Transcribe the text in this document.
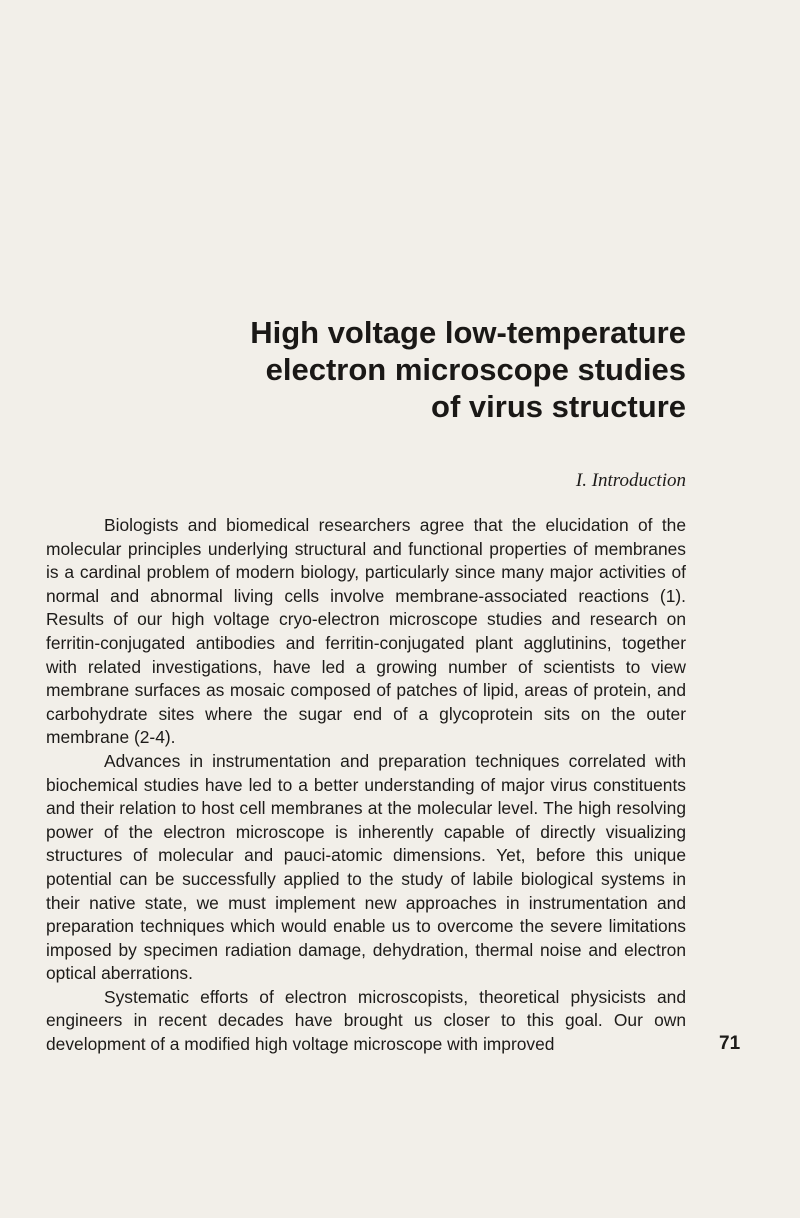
High voltage low-temperature
electron microscope studies
of virus structure
I. Introduction

Biologists and biomedical researchers agree that the elucidation of the molecular principles underlying structural and functional properties of membranes is a cardinal problem of modern biology, particularly since many major activities of normal and abnormal living cells involve membrane-associated reactions (1). Results of our high voltage cryo-electron microscope studies and research on ferritin-conjugated antibodies and ferritin-conjugated plant agglutinins, together with related investigations, have led a growing number of scientists to view membrane surfaces as mosaic composed of patches of lipid, areas of protein, and carbohydrate sites where the sugar end of a glycoprotein sits on the outer membrane (2-4).

Advances in instrumentation and preparation techniques correlated with biochemical studies have led to a better understanding of major virus constituents and their relation to host cell membranes at the molecular level. The high resolving power of the electron microscope is inherently capable of directly visualizing structures of molecular and pauci-atomic dimensions. Yet, before this unique potential can be successfully applied to the study of labile biological systems in their native state, we must implement new approaches in instrumentation and preparation techniques which would enable us to overcome the severe limitations imposed by specimen radiation damage, dehydration, thermal noise and electron optical aberrations.

Systematic efforts of electron microscopists, theoretical physicists and engineers in recent decades have brought us closer to this goal. Our own development of a modified high voltage microscope with improved	71
